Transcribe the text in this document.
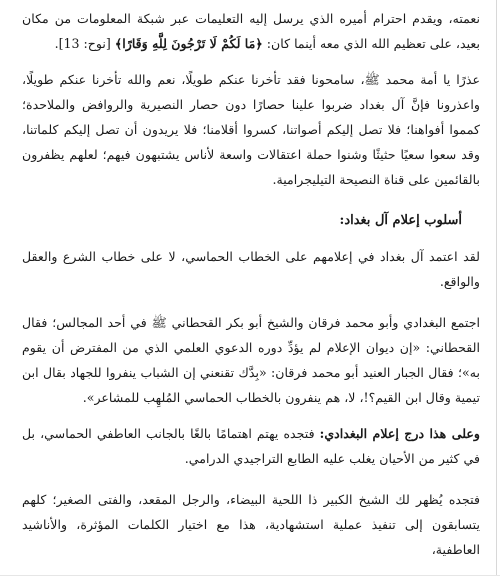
نعمته، ويقدم احترام أميره الذي يرسل إليه التعليمات عبر شبكة المعلومات من مكان بعيد، على تعظيم الله الذي معه أينما كان: ﴿مَا لَكُمْ لَا تَرْجُونَ لِلَّهِ وَقَارًا﴾ [نوح: 13].

عذرًا يا أمة محمد ﷺ، سامحونا فقد تأخرنا عنكم طويلًا، نعم والله تأخرنا عنكم طويلًا، واعذرونا فإنَّ آل بغداد ضربوا علينا حصارًا دون حصار النصيرية والروافض والملاحدة؛ كمموا أفواهنا؛ فلا تصل إليكم أصواتنا، كسروا أقلامنا؛ فلا يريدون أن تصل إليكم كلماتنا، وقد سعوا سعيًا حثيثًا وشنوا حملة اعتقالات واسعة لأناس يشتبهون فيهم؛ لعلهم يظفرون بالقائمين على قناة النصيحة التيليجرامية.

أسلوب إعلام آل بغداد:

لقد اعتمد آل بغداد في إعلامهم على الخطاب الحماسي، لا على خطاب الشرع والعقل والواقع.

اجتمع البغدادي وأبو محمد فرقان والشيخ أبو بكر القحطاني ﷺ في أحد المجالس؛ فقال القحطاني: «إن ديوان الإعلام لم يؤدِّ دوره الدعوي العلمي الذي من المفترض أن يقوم به»؛ فقال الجبار العنيد أبو محمد فرقان: «بِدَّك تقنعني إن الشباب ينفروا للجهاد بقال ابن تيمية وقال ابن القيم؟!، لا، هم ينفرون بالخطاب الحماسي المُلهِب للمشاعر».

وعلى هذا درج إعلام البغدادي: فتجده يهتم اهتمامًا بالغًا بالجانب العاطفي الحماسي، بل في كثير من الأحيان يغلب عليه الطابع التراجيدي الدرامي.

فتجده يُظهر لك الشيخ الكبير ذا اللحية البيضاء، والرجل المقعد، والفتى الصغير؛ كلهم يتسابقون إلى تنفيذ عملية استشهادية، هذا مع اختيار الكلمات المؤثرة، والأناشيد العاطفية،
